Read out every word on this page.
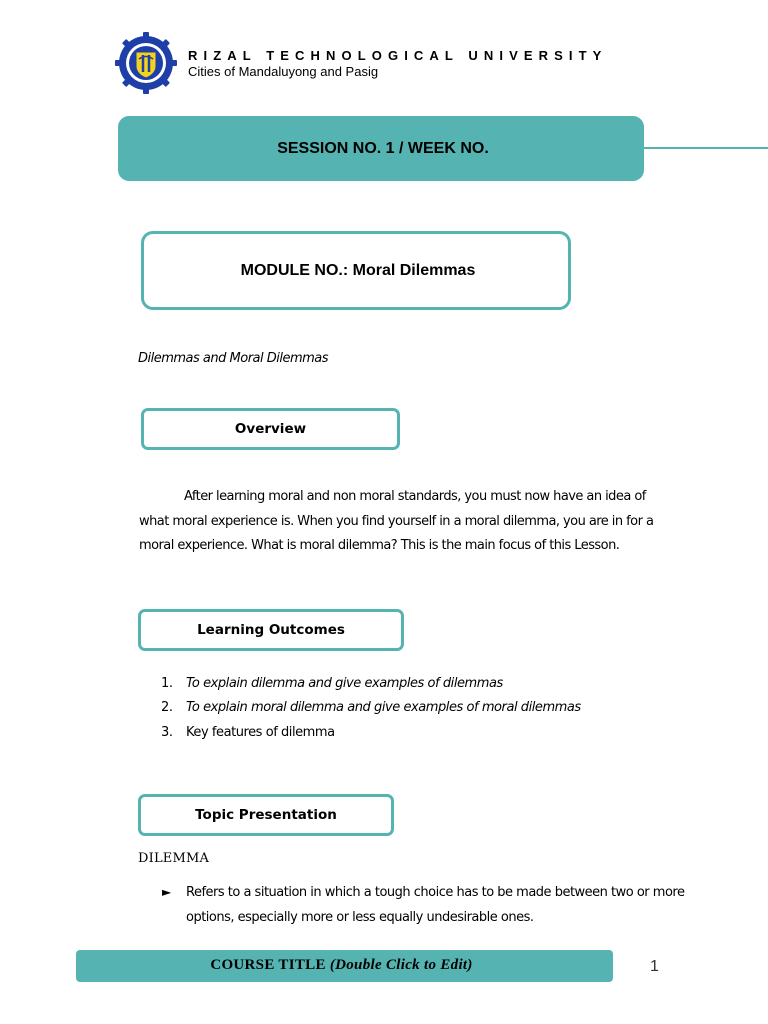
RIZAL TECHNOLOGICAL UNIVERSITY
Cities of Mandaluyong and Pasig
SESSION NO. 1 / WEEK NO.
MODULE NO.: Moral Dilemmas
Dilemmas and Moral Dilemmas
Overview
After learning moral and non moral standards, you must now have an idea of what moral experience is. When you find yourself in a moral dilemma, you are in for a moral experience. What is moral dilemma? This is the main focus of this Lesson.
Learning Outcomes
1. To explain dilemma and give examples of dilemmas
2. To explain moral dilemma and give examples of moral dilemmas
3. Key features of dilemma
Topic Presentation
DILEMMA
► Refers to a situation in which a tough choice has to be made between two or more options, especially more or less equally undesirable ones.
COURSE TITLE (Double Click to Edit)	1
